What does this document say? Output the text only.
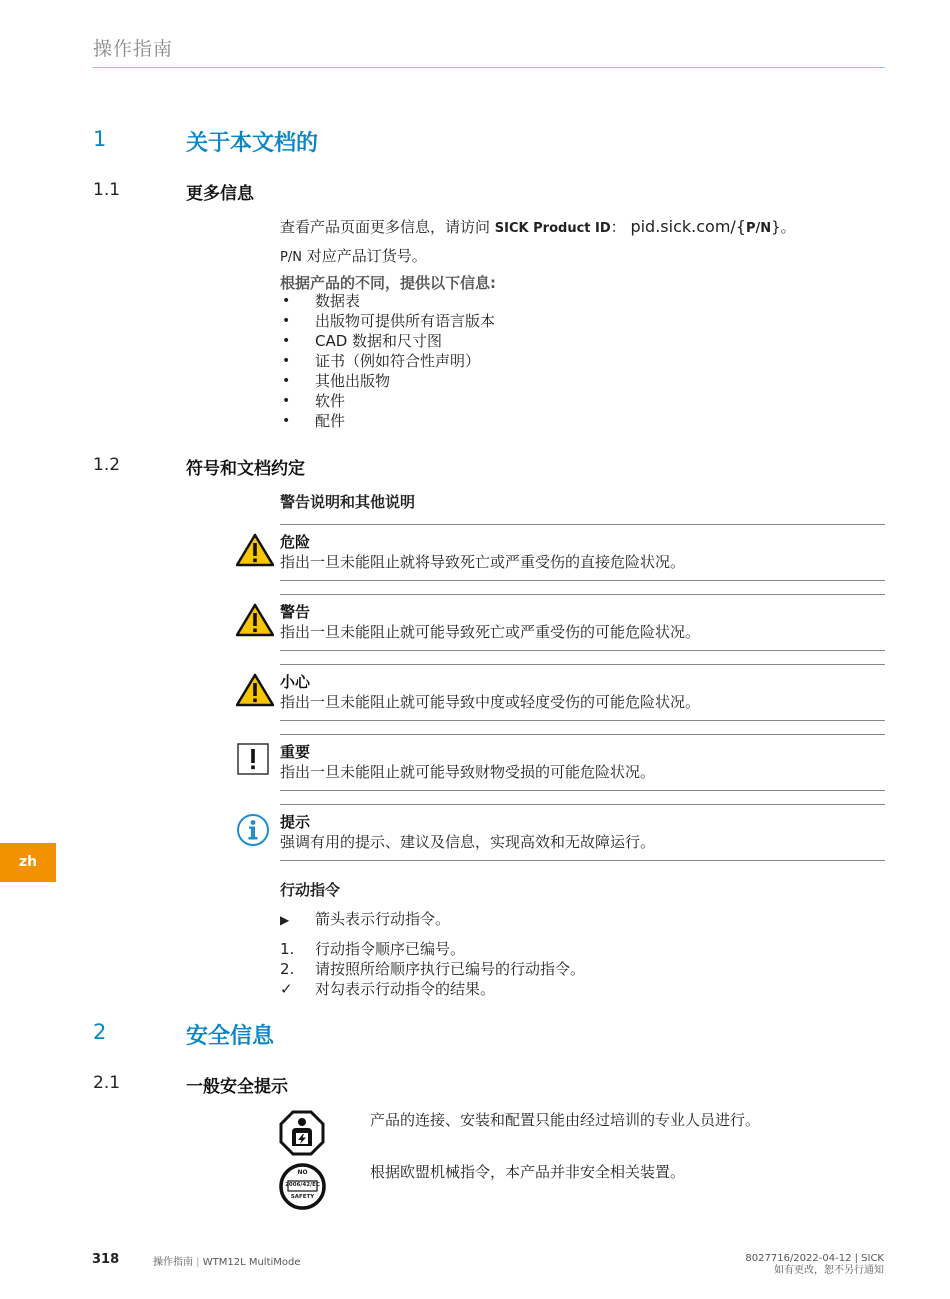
操作指南
zh
1	关于本文档的
1.1	更多信息
查看产品页面更多信息，请访问 SICK Product ID： pid.sick.com/{P/N}。
P/N 对应产品订货号。
根据产品的不同，提供以下信息:
• 数据表
• 出版物可提供所有语言版本
• CAD 数据和尺寸图
• 证书（例如符合性声明）
• 其他出版物
• 软件
• 配件
1.2	符号和文档约定
警告说明和其他说明
危险
指出一旦未能阻止就将导致死亡或严重受伤的直接危险状况。
警告
指出一旦未能阻止就可能导致死亡或严重受伤的可能危险状况。
小心
指出一旦未能阻止就可能导致中度或轻度受伤的可能危险状况。
重要
指出一旦未能阻止就可能导致财物受损的可能危险状况。
提示
强调有用的提示、建议及信息，实现高效和无故障运行。
行动指令
▶ 箭头表示行动指令。
1. 行动指令顺序已编号。
2. 请按照所给顺序执行已编号的行动指令。
✓ 对勾表示行动指令的结果。
2	安全信息
2.1	一般安全提示
产品的连接、安装和配置只能由经过培训的专业人员进行。
NO
2006/42/EC
SAFETY
根据欧盟机械指令，本产品并非安全相关装置。
318	操作指南 | WTM12L MultiMode	8027716/2022-04-12 | SICK
如有更改，恕不另行通知
